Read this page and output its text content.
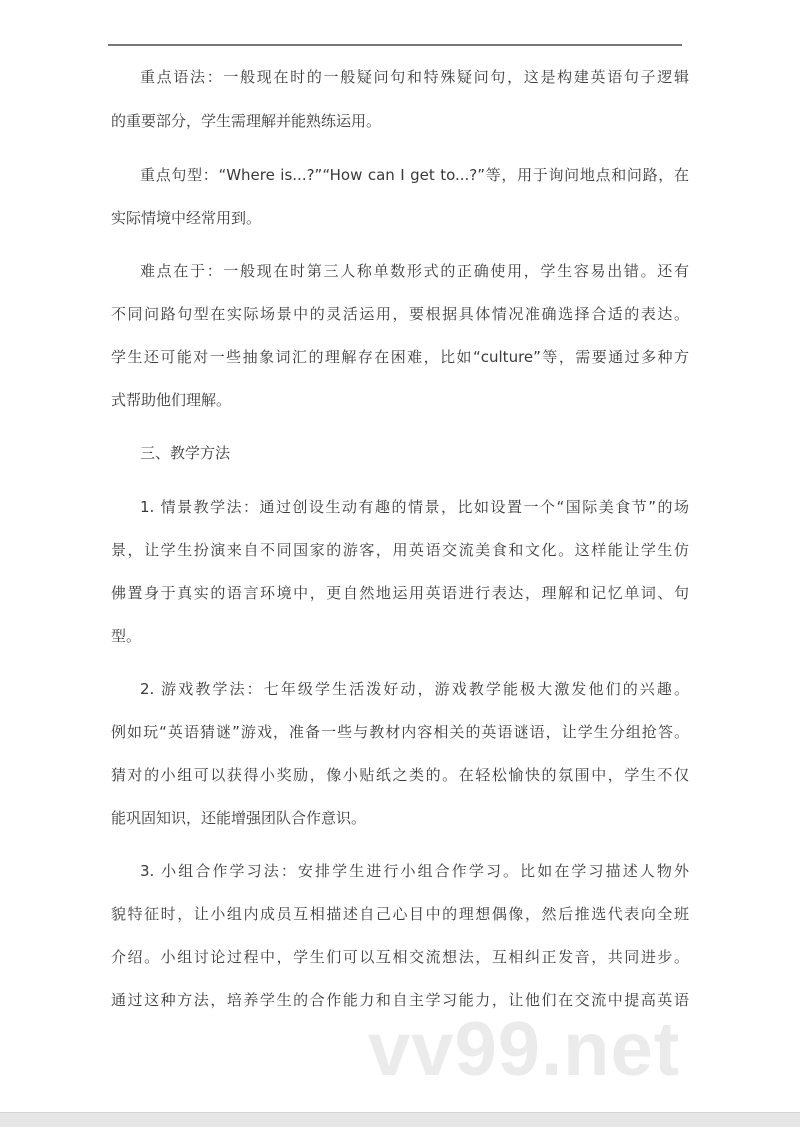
重点语法：一般现在时的一般疑问句和特殊疑问句，这是构建英语句子逻辑
的重要部分，学生需理解并能熟练运用。
重点句型：“Where is...?”“How can I get to...?”等，用于询问地点和问路，在
实际情境中经常用到。
难点在于：一般现在时第三人称单数形式的正确使用，学生容易出错。还有
不同问路句型在实际场景中的灵活运用，要根据具体情况准确选择合适的表达。
学生还可能对一些抽象词汇的理解存在困难，比如“culture”等，需要通过多种方
式帮助他们理解。
三、教学方法
1. 情景教学法：通过创设生动有趣的情景，比如设置一个“国际美食节”的场
景，让学生扮演来自不同国家的游客，用英语交流美食和文化。这样能让学生仿
佛置身于真实的语言环境中，更自然地运用英语进行表达，理解和记忆单词、句
型。
2. 游戏教学法：七年级学生活泼好动，游戏教学能极大激发他们的兴趣。
例如玩“英语猜谜”游戏，准备一些与教材内容相关的英语谜语，让学生分组抢答。
猜对的小组可以获得小奖励，像小贴纸之类的。在轻松愉快的氛围中，学生不仅
能巩固知识，还能增强团队合作意识。
3. 小组合作学习法：安排学生进行小组合作学习。比如在学习描述人物外
貌特征时，让小组内成员互相描述自己心目中的理想偶像，然后推选代表向全班
介绍。小组讨论过程中，学生们可以互相交流想法，互相纠正发音，共同进步。
通过这种方法，培养学生的合作能力和自主学习能力，让他们在交流中提高英语
vv99.net
